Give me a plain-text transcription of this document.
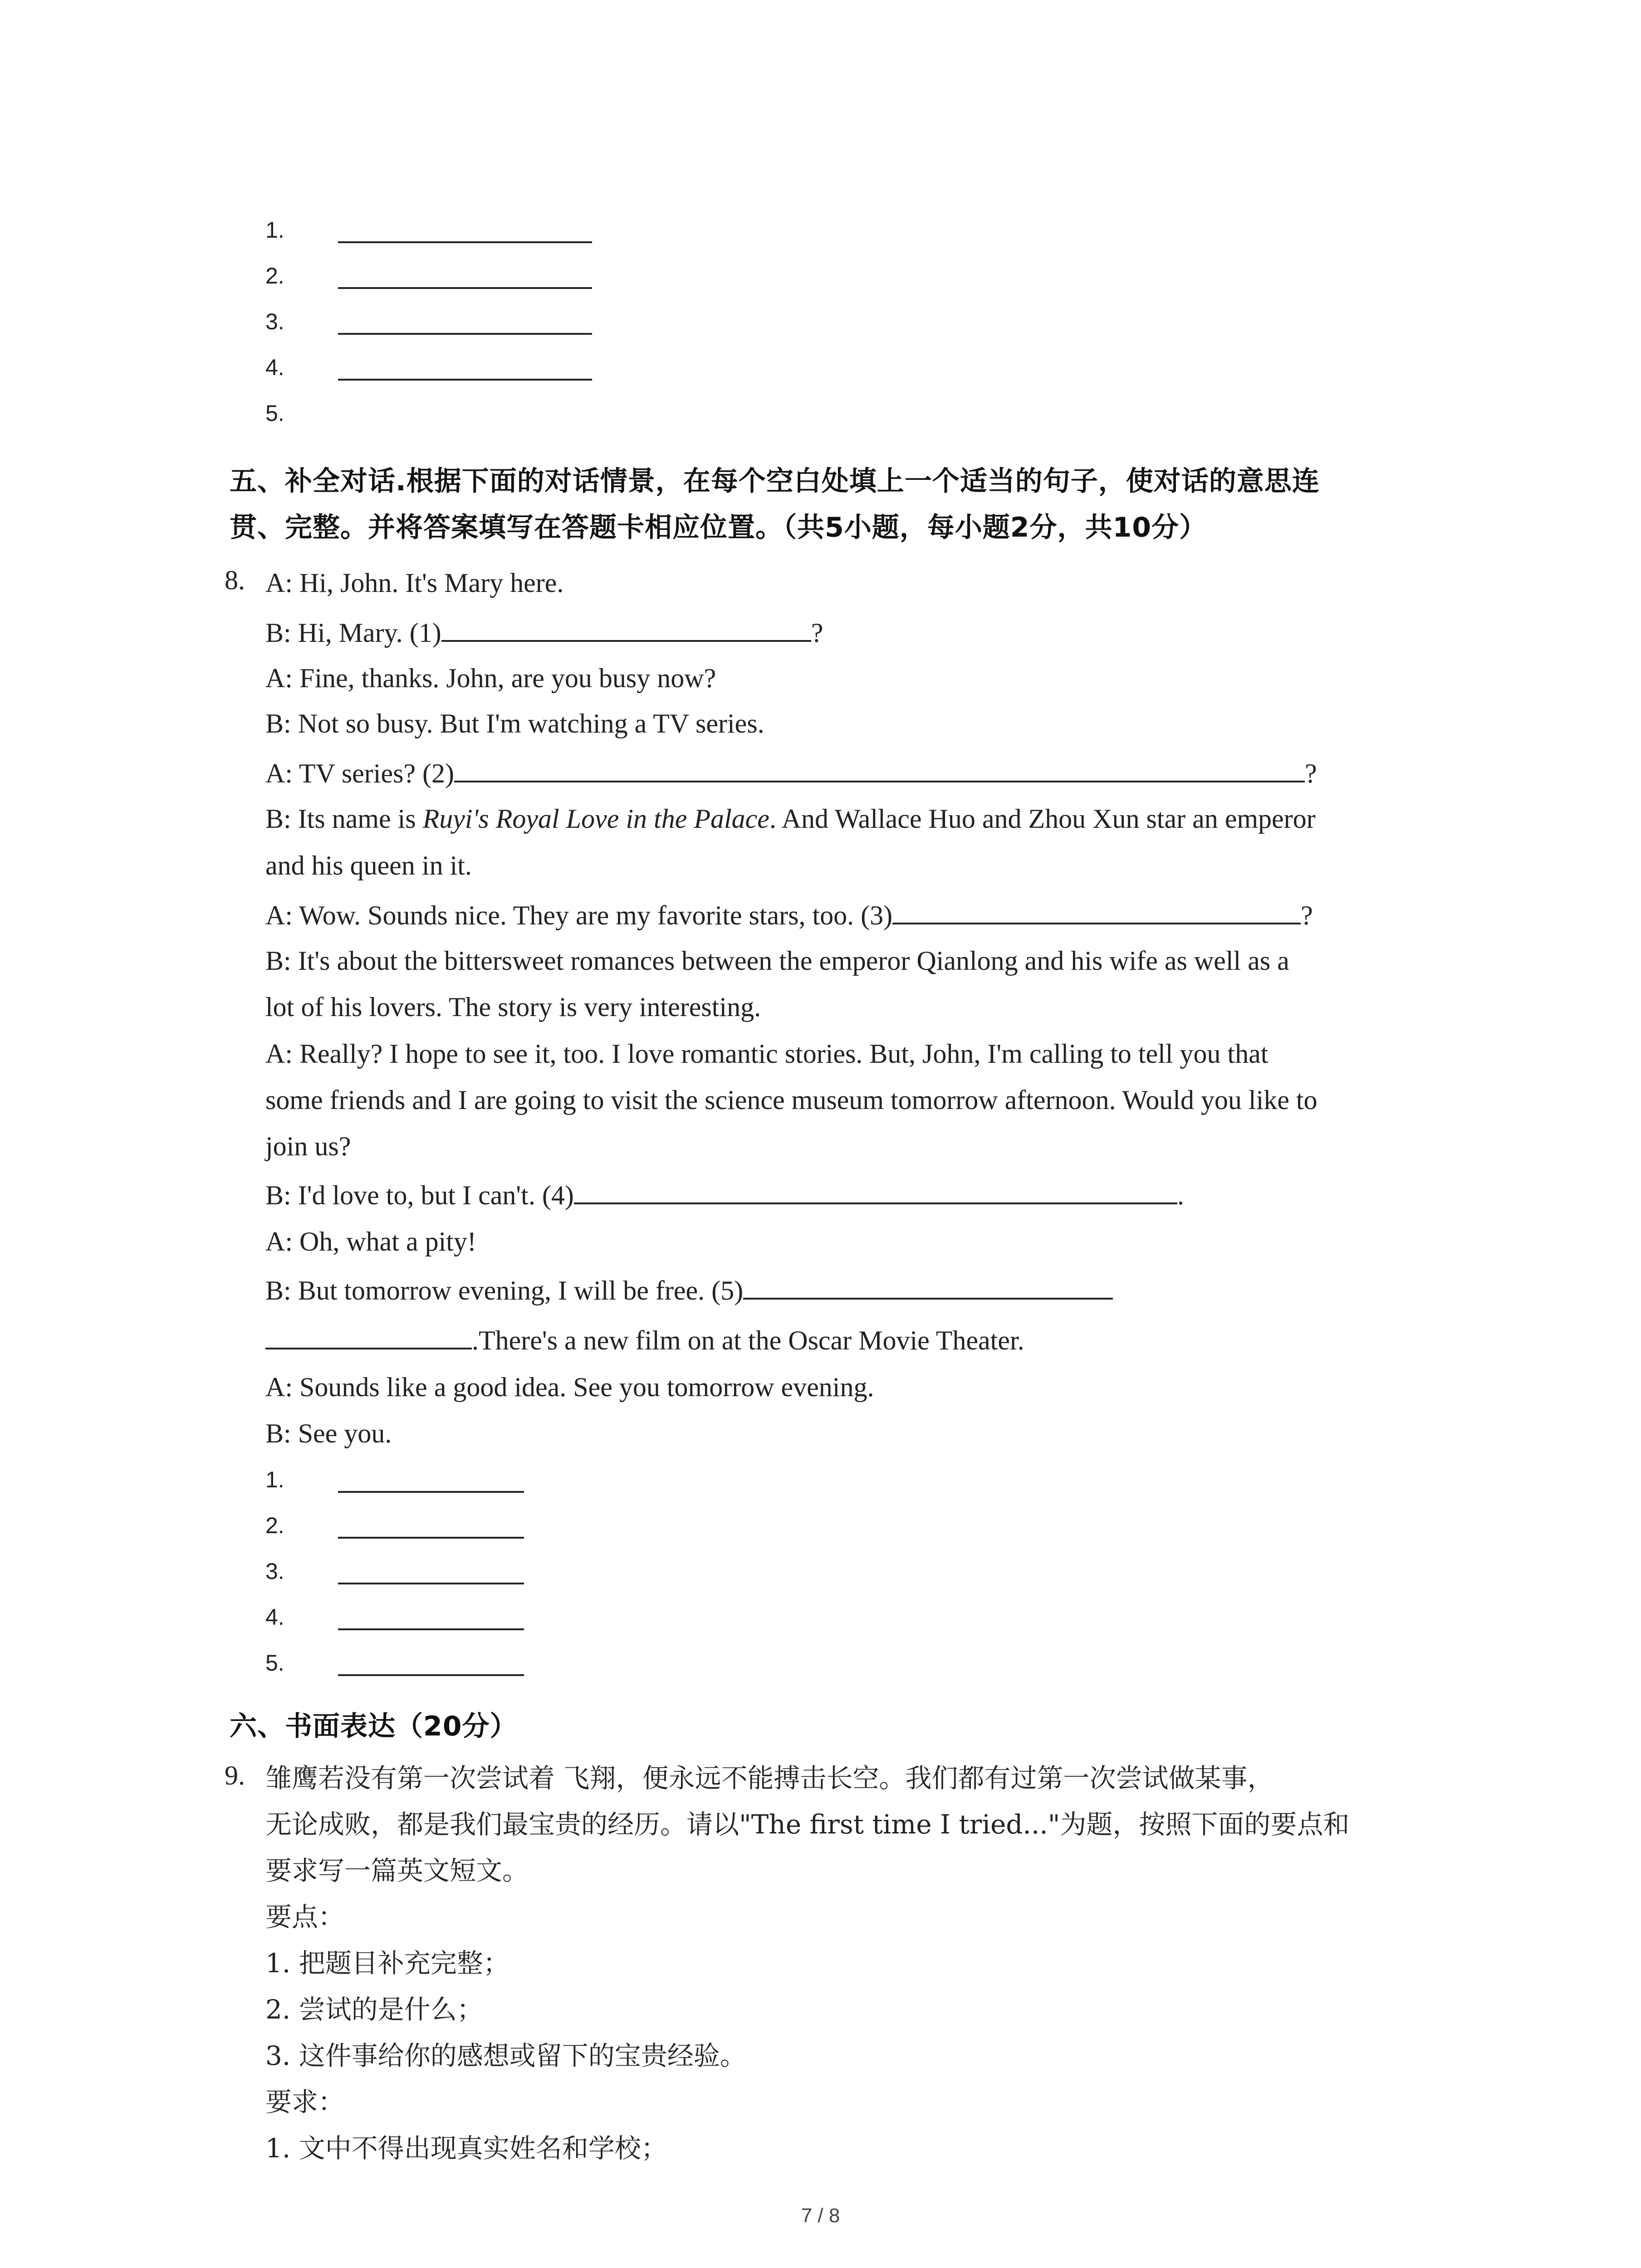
1.
2.
3.
4.
5.
五、补全对话.根据下面的对话情景，在每个空白处填上一个适当的句子，使对话的意思连
贯、完整。并将答案填写在答题卡相应位置。（共5小题，每小题2分，共10分）
8. A: Hi, John. It's Mary here.
B: Hi, Mary. (1)	?
A: Fine, thanks. John, are you busy now?
B: Not so busy. But I'm watching a TV series.
A: TV series? (2)	?
B: Its name is Ruyi's Royal Love in the Palace. And Wallace Huo and Zhou Xun star an emperor
and his queen in it.
A: Wow. Sounds nice. They are my favorite stars, too. (3)	?
B: It's about the bittersweet romances between the emperor Qianlong and his wife as well as a
lot of his lovers. The story is very interesting.
A: Really? I hope to see it, too. I love romantic stories. But, John, I'm calling to tell you that
some friends and I are going to visit the science museum tomorrow afternoon. Would you like to
join us?
B: I'd love to, but I can't. (4)	.
A: Oh, what a pity!
B: But tomorrow evening, I will be free. (5)
.There's a new film on at the Oscar Movie Theater.
A: Sounds like a good idea. See you tomorrow evening.
B: See you.
1.
2.
3.
4.
5.
六、书面表达（20分）
9. 雏鹰若没有第一次尝试着 飞翔，便永远不能搏击长空。我们都有过第一次尝试做某事，
无论成败，都是我们最宝贵的经历。请以"The first time I tried..."为题，按照下面的要点和
要求写一篇英文短文。
要点：
1. 把题目补充完整；
2. 尝试的是什么；
3. 这件事给你的感想或留下的宝贵经验。
要求：
1. 文中不得出现真实姓名和学校；
7 / 8
